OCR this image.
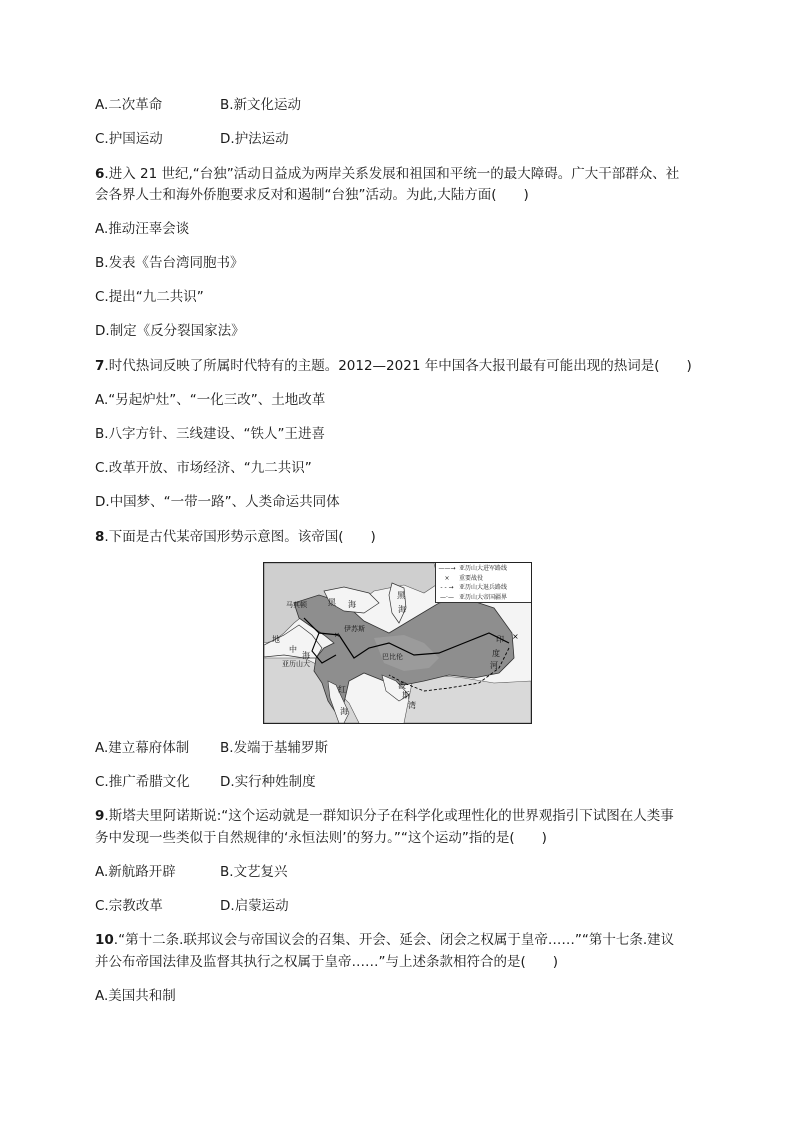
A.二次革命	B.新文化运动
C.护国运动	D.护法运动
6.进入 21 世纪,“台独”活动日益成为两岸关系发展和祖国和平统一的最大障碍。广大干部群众、社
会各界人士和海外侨胞要求反对和遏制“台独”活动。为此,大陆方面(　　)
A.推动汪辜会谈
B.发表《告台湾同胞书》
C.提出“九二共识”
D.制定《反分裂国家法》
7.时代热词反映了所属时代特有的主题。2012—2021 年中国各大报刊最有可能出现的热词是(　　)
A.“另起炉灶”、“一化三改”、土地改革
B.八字方针、三线建设、“铁人”王进喜
C.改革开放、市场经济、“九二共识”
D.中国梦、“一带一路”、人类命运共同体
8.下面是古代某帝国形势示意图。该帝国(　　)
×
×
——→ 亚历山大进军路线
×	重要战役
- - → 亚历山大退兵路线
—·— 亚历山大帝国疆界
马其顿	黑 海
黑
海
伊苏斯
地
中
海
亚历山大
巴比伦
红
海
印
度
河
波
斯
湾
A.建立幕府体制 B.发端于基辅罗斯
C.推广希腊文化 D.实行种姓制度
9.斯塔夫里阿诺斯说:“这个运动就是一群知识分子在科学化或理性化的世界观指引下试图在人类事
务中发现一些类似于自然规律的‘永恒法则’的努力。”“这个运动”指的是(　　)
A.新航路开辟	B.文艺复兴
C.宗教改革	D.启蒙运动
10.“第十二条.联邦议会与帝国议会的召集、开会、延会、闭会之权属于皇帝……”“第十七条.建议
并公布帝国法律及监督其执行之权属于皇帝……”与上述条款相符合的是(　　)
A.美国共和制
